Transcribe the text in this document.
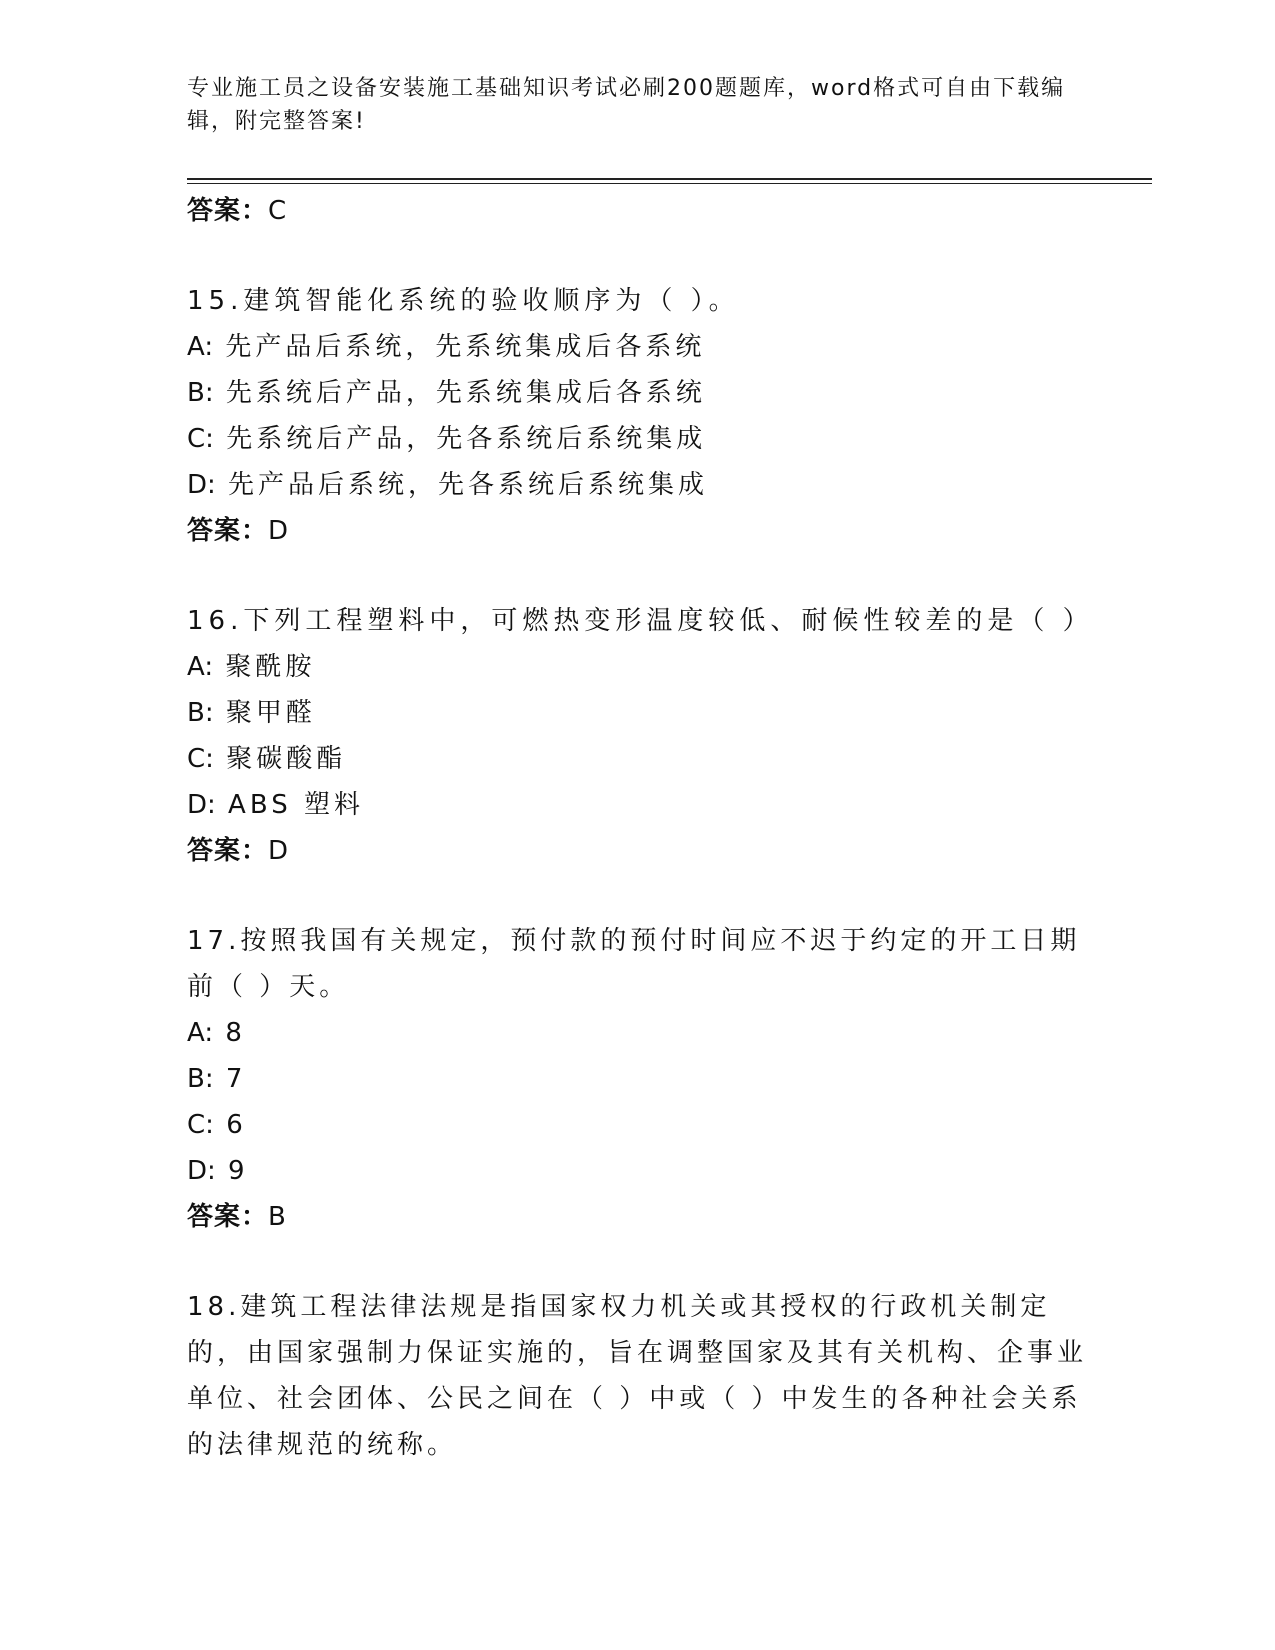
专业施工员之设备安装施工基础知识考试必刷200题题库，word格式可自由下载编辑，附完整答案!
答案：C
15.建筑智能化系统的验收顺序为（ ）。
A: 先产品后系统，先系统集成后各系统
B: 先系统后产品，先系统集成后各系统
C: 先系统后产品，先各系统后系统集成
D: 先产品后系统，先各系统后系统集成
答案：D
16.下列工程塑料中，可燃热变形温度较低、耐候性较差的是（ ）
A: 聚酰胺
B: 聚甲醛
C: 聚碳酸酯
D: ABS 塑料
答案：D
17.按照我国有关规定，预付款的预付时间应不迟于约定的开工日期前（ ）天。
A: 8
B: 7
C: 6
D: 9
答案：B
18.建筑工程法律法规是指国家权力机关或其授权的行政机关制定的，由国家强制力保证实施的，旨在调整国家及其有关机构、企事业单位、社会团体、公民之间在（ ）中或（ ）中发生的各种社会关系的法律规范的统称。
